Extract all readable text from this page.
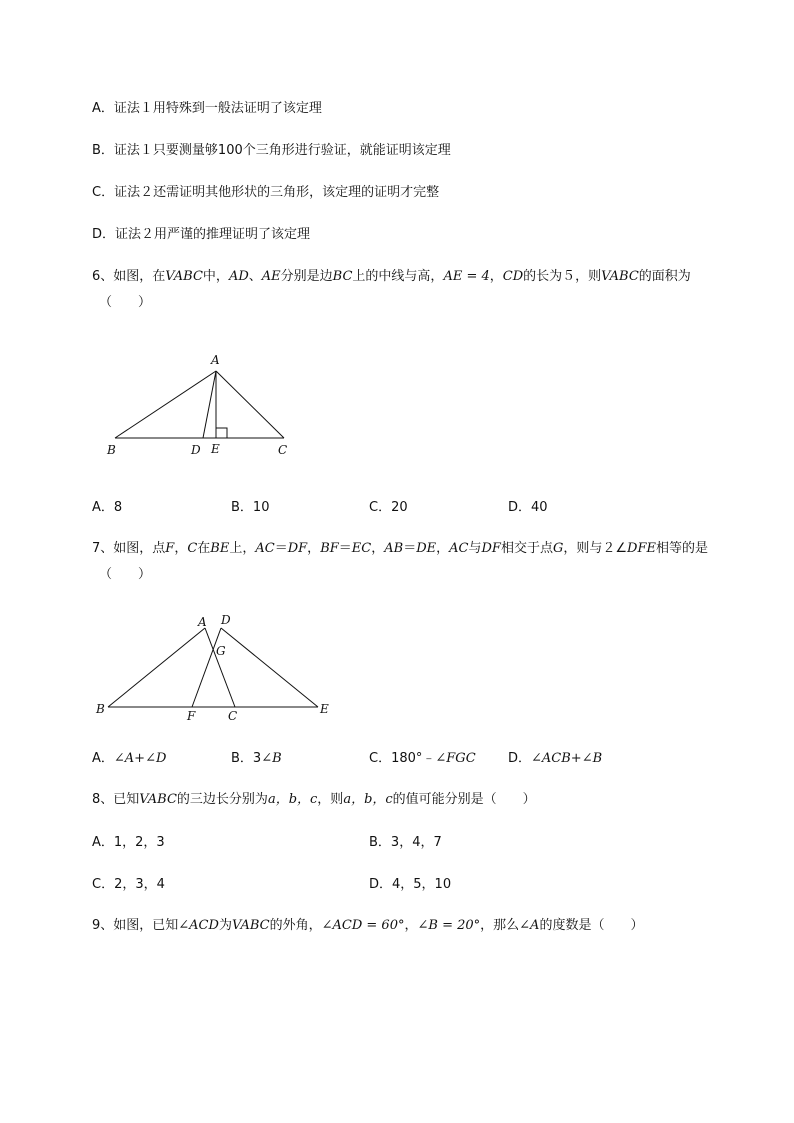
A．证法１用特殊到一般法证明了该定理
B．证法１只要测量够100个三角形进行验证，就能证明该定理
C．证法２还需证明其他形状的三角形，该定理的证明才完整
D．证法２用严谨的推理证明了该定理
6、如图，在VABC中，AD、AE分别是边BC上的中线与高，AE = 4，CD的长为５，则VABC的面积为
（　　）
A
B	D E	C
A D
G
B	F	C	E
A．8	B．10	C．20	D．40
7、如图，点F，C在BE上，AC＝DF，BF＝EC，AB＝DE，AC与DF相交于点G，则与２∠DFE相等的是
（　　）
A．∠A+∠D	B．3∠B	C．180°﹣∠FGC D．∠ACB+∠B
8、已知VABC的三边长分别为a，b，c，则a，b，c的值可能分别是（　　）
A．1，2，3	B．3，4，7
C．2，3，4	D．4，5，10
9、如图，已知∠ACD为VABC的外角，∠ACD = 60°，∠B = 20°，那么∠A的度数是（　　）
